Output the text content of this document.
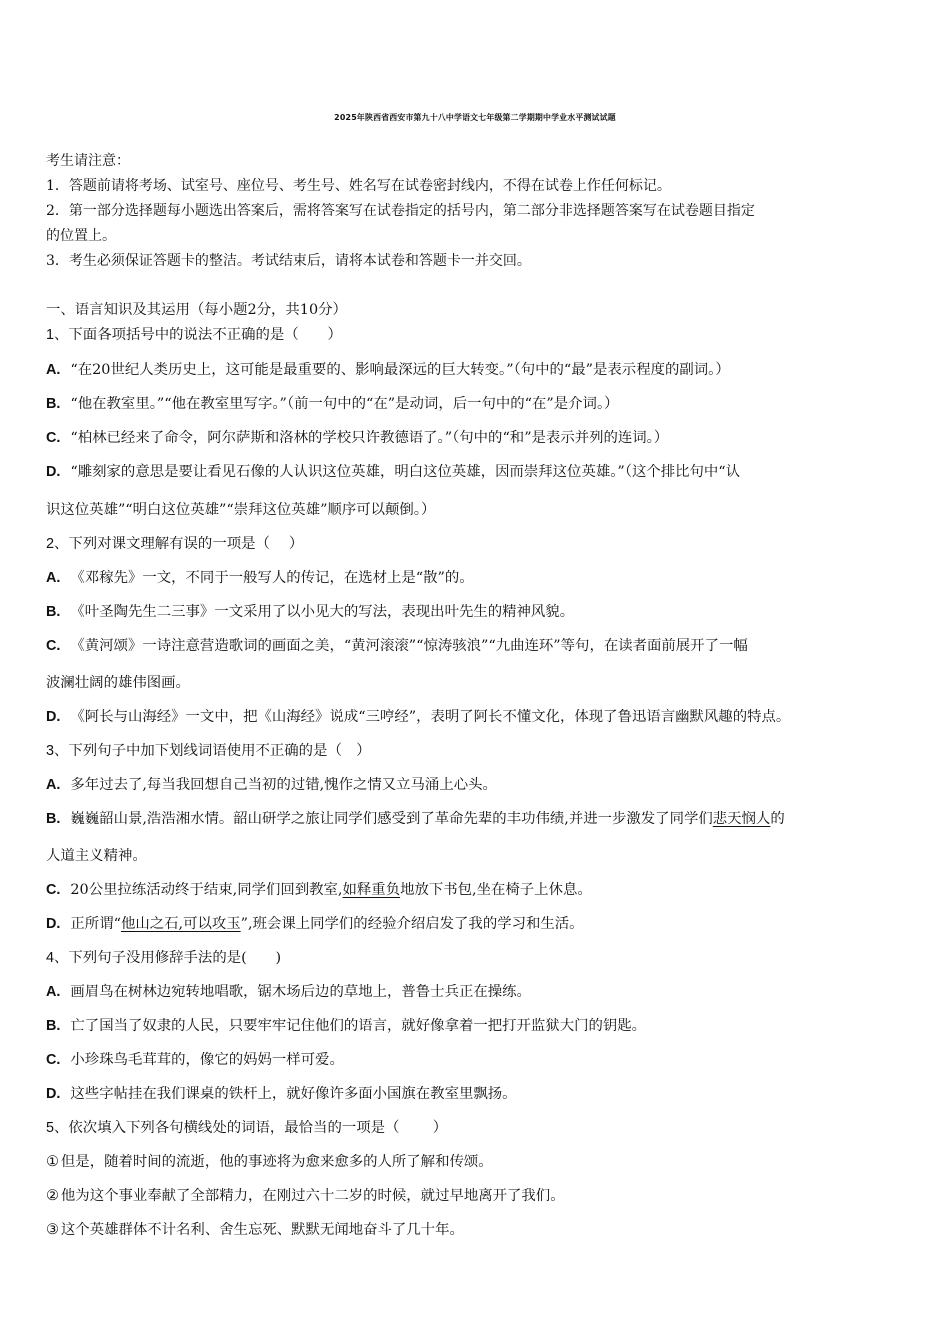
2025年陕西省西安市第九十八中学语文七年级第二学期期中学业水平测试试题
考生请注意：
1．答题前请将考场、试室号、座位号、考生号、姓名写在试卷密封线内，不得在试卷上作任何标记。
2．第一部分选择题每小题选出答案后，需将答案写在试卷指定的括号内，第二部分非选择题答案写在试卷题目指定
的位置上。
3．考生必须保证答题卡的整洁。考试结束后，请将本试卷和答题卡一并交回。
一、语言知识及其运用（每小题2分，共10分）
1、下面各项括号中的说法不正确的是（　　）
A. “在20世纪人类历史上，这可能是最重要的、影响最深远的巨大转变。”（句中的“最”是表示程度的副词。）
B. “他在教室里。”“他在教室里写字。”（前一句中的“在”是动词，后一句中的“在”是介词。）
C. “柏林已经来了命令，阿尔萨斯和洛林的学校只许教德语了。”（句中的“和”是表示并列的连词。）
D. “雕刻家的意思是要让看见石像的人认识这位英雄，明白这位英雄，因而崇拜这位英雄。”（这个排比句中“认
识这位英雄”“明白这位英雄”“崇拜这位英雄”顺序可以颠倒。）
2、下列对课文理解有误的一项是（　 ）
A. 《邓稼先》一文，不同于一般写人的传记，在选材上是“散”的。
B. 《叶圣陶先生二三事》一文采用了以小见大的写法，表现出叶先生的精神风貌。
C. 《黄河颂》一诗注意营造歌词的画面之美，“黄河滚滚”“惊涛骇浪”“九曲连环”等句，在读者面前展开了一幅
波澜壮阔的雄伟图画。
D. 《阿长与山海经》一文中，把《山海经》说成“三哼经”，表明了阿长不懂文化，体现了鲁迅语言幽默风趣的特点。
3、下列句子中加下划线词语使用不正确的是（　）
A. 多年过去了,每当我回想自己当初的过错,愧作之情又立马涌上心头。
B. 巍巍韶山景,浩浩湘水情。韶山研学之旅让同学们感受到了革命先辈的丰功伟绩,并进一步激发了同学们悲天悯人的
人道主义精神。
C. 20公里拉练活动终于结束,同学们回到教室,如释重负地放下书包,坐在椅子上休息。
D. 正所谓“他山之石,可以攻玉”,班会课上同学们的经验介绍启发了我的学习和生活。
4、下列句子没用修辞手法的是(　　)
A. 画眉鸟在树林边宛转地唱歌，锯木场后边的草地上，普鲁士兵正在操练。
B. 亡了国当了奴隶的人民，只要牢牢记住他们的语言，就好像拿着一把打开监狱大门的钥匙。
C. 小珍珠鸟毛茸茸的，像它的妈妈一样可爱。
D. 这些字帖挂在我们课桌的铁杆上，就好像许多面小国旗在教室里飘扬。
5、依次填入下列各句横线处的词语，最恰当的一项是（　　 ）
① 但是，随着时间的流逝，他的事迹将为愈来愈多的人所了解和传颂。
② 他为这个事业奉献了全部精力，在刚过六十二岁的时候，就过早地离开了我们。
③ 这个英雄群体不计名利、舍生忘死、默默无闻地奋斗了几十年。
